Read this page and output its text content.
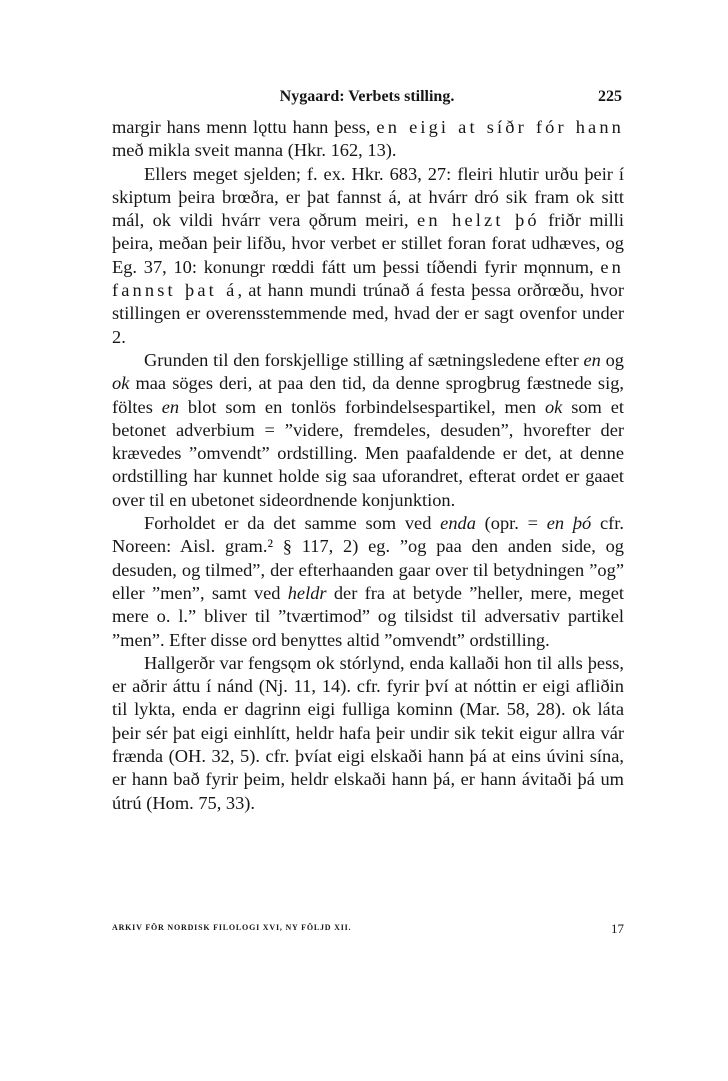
Nygaard: Verbets stilling.	225

margir hans menn lǫttu hann þess, en eigi at síðr fór hann með mikla sveit manna (Hkr. 162, 13).

Ellers meget sjelden; f. ex. Hkr. 683, 27: fleiri hlutir urðu þeir í skiptum þeira brœðra, er þat fannst á, at hvárr dró sik fram ok sitt mál, ok vildi hvárr vera ǫðrum meiri, en helzt þó friðr milli þeira, meðan þeir lifðu, hvor verbet er stillet foran forat udhæves, og Eg. 37, 10: konungr rœddi fátt um þessi tíðendi fyrir mǫnnum, en fannst þat á, at hann mundi trúnað á festa þessa orðrœðu, hvor stillingen er overensstemmende med, hvad der er sagt ovenfor under 2.

Grunden til den forskjellige stilling af sætningsledene efter en og ok maa söges deri, at paa den tid, da denne sprogbrug fæstnede sig, föltes en blot som en tonlös forbindelsespartikel, men ok som et betonet adverbium = ”videre, fremdeles, desuden”, hvorefter der krævedes ”omvendt” ordstilling. Men paafaldende er det, at denne ordstilling har kunnet holde sig saa uforandret, efterat ordet er gaaet over til en ubetonet sideordnende konjunktion.

Forholdet er da det samme som ved enda (opr. = en þó cfr. Noreen: Aisl. gram.² § 117, 2) eg. ”og paa den anden side, og desuden, og tilmed”, der efterhaanden gaar over til betydningen ”og” eller ”men”, samt ved heldr der fra at betyde ”heller, mere, meget mere o. l.” bliver til ”tværtimod” og tilsidst til adversativ partikel ”men”. Efter disse ord benyttes altid ”omvendt” ordstilling.

Hallgerðr var fengsǫm ok stórlynd, enda kallaði hon til alls þess, er aðrir áttu í nánd (Nj. 11, 14). cfr. fyrir því at nóttin er eigi afliðin til lykta, enda er dagrinn eigi fulliga kominn (Mar. 58, 28). ok láta þeir sér þat eigi einhlítt, heldr hafa þeir undir sik tekit eigur allra vár frænda (OH. 32, 5). cfr. þvíat eigi elskaði hann þá at eins úvini sína, er hann bað fyrir þeim, heldr elskaði hann þá, er hann ávitaði þá um útrú (Hom. 75, 33).

ARKIV FÖR NORDISK FILOLOGI XVI, NY FÖLJD XII.	17
